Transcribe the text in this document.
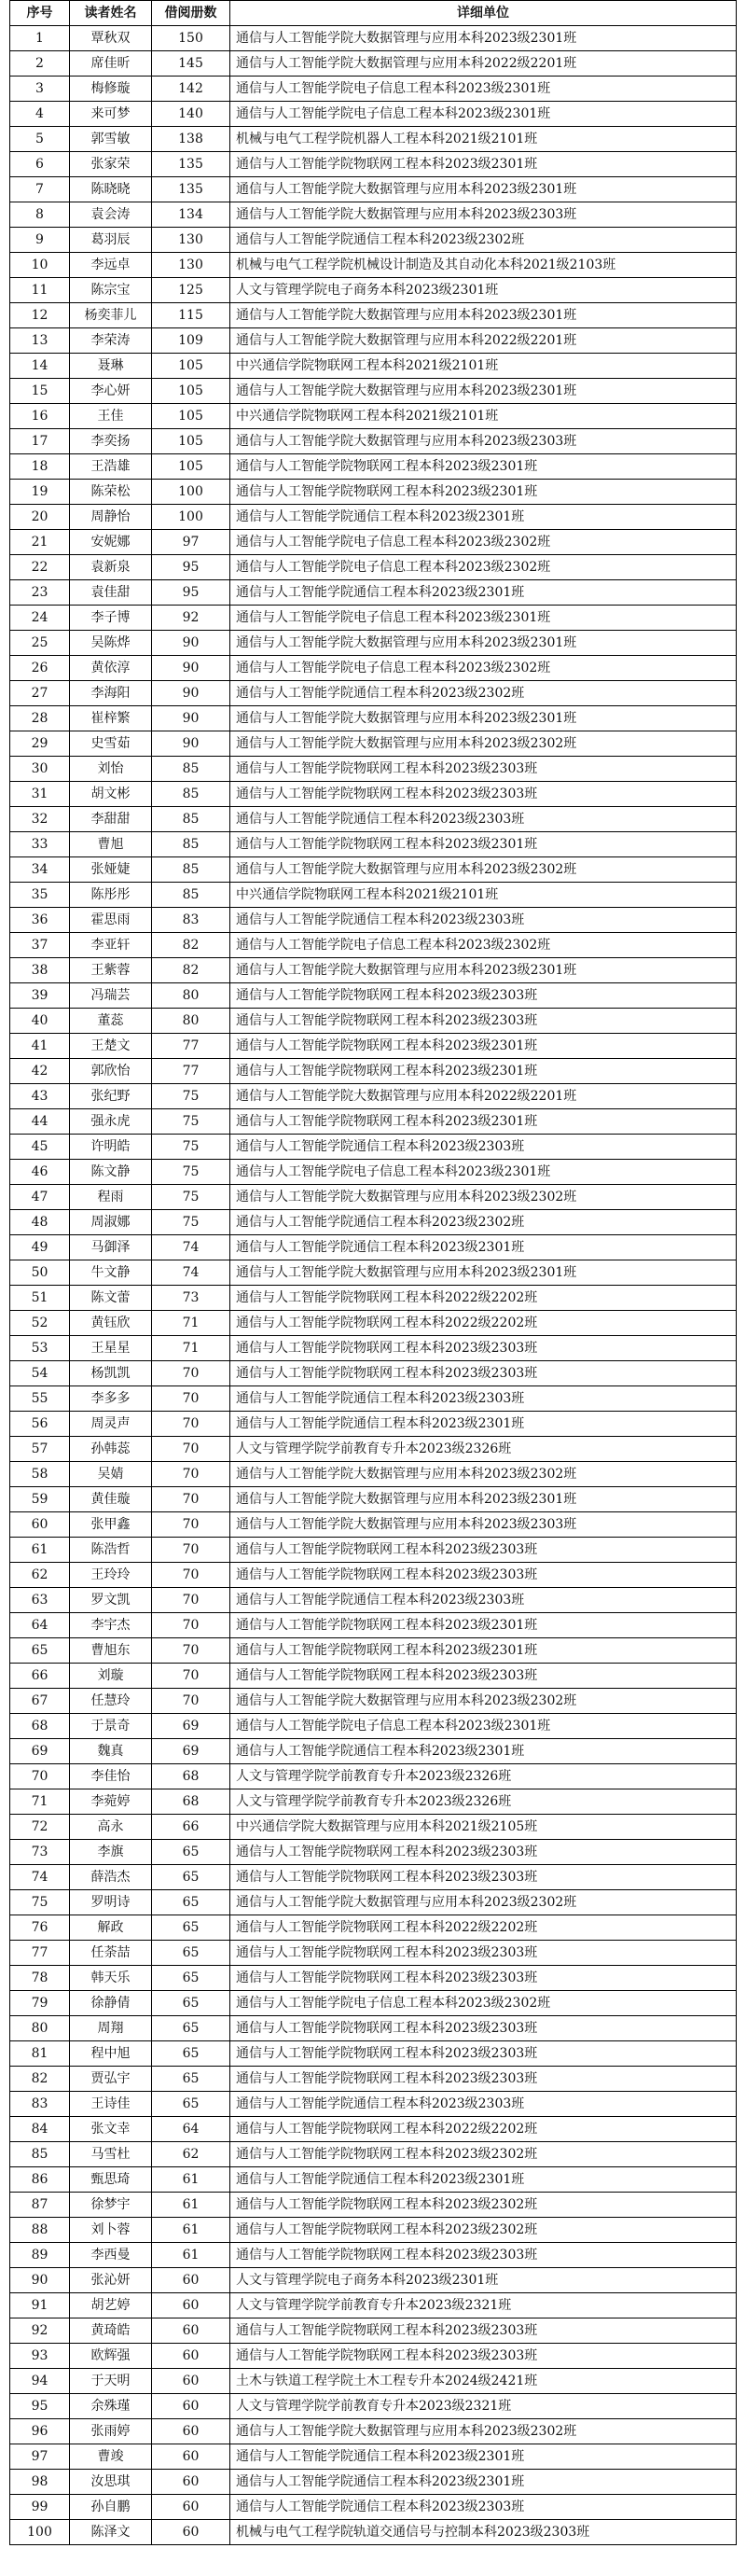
序号	读者姓名	借阅册数	详细单位
1	覃秋双	150	通信与人工智能学院大数据管理与应用本科2023级2301班
2	席佳昕	145	通信与人工智能学院大数据管理与应用本科2022级2201班
3	梅修璇	142	通信与人工智能学院电子信息工程本科2023级2301班
4	来可梦	140	通信与人工智能学院电子信息工程本科2023级2301班
5	郭雪敏	138	机械与电气工程学院机器人工程本科2021级2101班
6	张家荣	135	通信与人工智能学院物联网工程本科2023级2301班
7	陈晓晓	135	通信与人工智能学院大数据管理与应用本科2023级2301班
8	袁会涛	134	通信与人工智能学院大数据管理与应用本科2023级2303班
9	葛羽辰	130	通信与人工智能学院通信工程本科2023级2302班
10	李远卓	130	机械与电气工程学院机械设计制造及其自动化本科2021级2103班
11	陈宗宝	125	人文与管理学院电子商务本科2023级2301班
12	杨奕菲儿	115	通信与人工智能学院大数据管理与应用本科2023级2301班
13	李荣涛	109	通信与人工智能学院大数据管理与应用本科2022级2201班
14	聂琳	105	中兴通信学院物联网工程本科2021级2101班
15	李心妍	105	通信与人工智能学院大数据管理与应用本科2023级2301班
16	王佳	105	中兴通信学院物联网工程本科2021级2101班
17	李奕扬	105	通信与人工智能学院大数据管理与应用本科2023级2303班
18	王浩雄	105	通信与人工智能学院物联网工程本科2023级2301班
19	陈荣松	100	通信与人工智能学院物联网工程本科2023级2301班
20	周静怡	100	通信与人工智能学院通信工程本科2023级2301班
21	安妮娜	97	通信与人工智能学院电子信息工程本科2023级2302班
22	袁新泉	95	通信与人工智能学院电子信息工程本科2023级2302班
23	袁佳甜	95	通信与人工智能学院通信工程本科2023级2301班
24	李子博	92	通信与人工智能学院电子信息工程本科2023级2301班
25	吴陈烨	90	通信与人工智能学院大数据管理与应用本科2023级2301班
26	黄依淳	90	通信与人工智能学院电子信息工程本科2023级2302班
27	李海阳	90	通信与人工智能学院通信工程本科2023级2302班
28	崔梓繁	90	通信与人工智能学院大数据管理与应用本科2023级2301班
29	史雪茹	90	通信与人工智能学院大数据管理与应用本科2023级2302班
30	刘怡	85	通信与人工智能学院物联网工程本科2023级2303班
31	胡文彬	85	通信与人工智能学院物联网工程本科2023级2303班
32	李甜甜	85	通信与人工智能学院通信工程本科2023级2303班
33	曹旭	85	通信与人工智能学院物联网工程本科2023级2301班
34	张娅婕	85	通信与人工智能学院大数据管理与应用本科2023级2302班
35	陈彤彤	85	中兴通信学院物联网工程本科2021级2101班
36	霍思雨	83	通信与人工智能学院通信工程本科2023级2303班
37	李亚轩	82	通信与人工智能学院电子信息工程本科2023级2302班
38	王紫蓉	82	通信与人工智能学院大数据管理与应用本科2023级2301班
39	冯瑞芸	80	通信与人工智能学院物联网工程本科2023级2303班
40	董蕊	80	通信与人工智能学院物联网工程本科2023级2303班
41	王楚文	77	通信与人工智能学院物联网工程本科2023级2301班
42	郭欣怡	77	通信与人工智能学院物联网工程本科2023级2301班
43	张纪野	75	通信与人工智能学院大数据管理与应用本科2022级2201班
44	强永虎	75	通信与人工智能学院物联网工程本科2023级2301班
45	许明皓	75	通信与人工智能学院通信工程本科2023级2303班
46	陈文静	75	通信与人工智能学院电子信息工程本科2023级2301班
47	程雨	75	通信与人工智能学院大数据管理与应用本科2023级2302班
48	周淑娜	75	通信与人工智能学院通信工程本科2023级2302班
49	马御泽	74	通信与人工智能学院通信工程本科2023级2301班
50	牛文静	74	通信与人工智能学院大数据管理与应用本科2023级2301班
51	陈文蕾	73	通信与人工智能学院物联网工程本科2022级2202班
52	黄钰欣	71	通信与人工智能学院物联网工程本科2022级2202班
53	王星星	71	通信与人工智能学院物联网工程本科2023级2303班
54	杨凯凯	70	通信与人工智能学院物联网工程本科2023级2303班
55	李多多	70	通信与人工智能学院通信工程本科2023级2303班
56	周灵声	70	通信与人工智能学院通信工程本科2023级2301班
57	孙韩蕊	70	人文与管理学院学前教育专升本2023级2326班
58	吴婧	70	通信与人工智能学院大数据管理与应用本科2023级2302班
59	黄佳璇	70	通信与人工智能学院大数据管理与应用本科2023级2301班
60	张甲鑫	70	通信与人工智能学院大数据管理与应用本科2023级2303班
61	陈浩哲	70	通信与人工智能学院物联网工程本科2023级2303班
62	王玲玲	70	通信与人工智能学院物联网工程本科2023级2303班
63	罗文凯	70	通信与人工智能学院通信工程本科2023级2303班
64	李宇杰	70	通信与人工智能学院物联网工程本科2023级2301班
65	曹旭东	70	通信与人工智能学院物联网工程本科2023级2301班
66	刘璇	70	通信与人工智能学院物联网工程本科2023级2303班
67	任慧玲	70	通信与人工智能学院大数据管理与应用本科2023级2302班
68	于景奇	69	通信与人工智能学院电子信息工程本科2023级2301班
69	魏真	69	通信与人工智能学院通信工程本科2023级2301班
70	李佳怡	68	人文与管理学院学前教育专升本2023级2326班
71	李菀婷	68	人文与管理学院学前教育专升本2023级2326班
72	高永	66	中兴通信学院大数据管理与应用本科2021级2105班
73	李旗	65	通信与人工智能学院物联网工程本科2023级2303班
74	薛浩杰	65	通信与人工智能学院物联网工程本科2023级2303班
75	罗明诗	65	通信与人工智能学院大数据管理与应用本科2023级2302班
76	解政	65	通信与人工智能学院物联网工程本科2022级2202班
77	任荼喆	65	通信与人工智能学院物联网工程本科2023级2303班
78	韩天乐	65	通信与人工智能学院物联网工程本科2023级2303班
79	徐静倩	65	通信与人工智能学院电子信息工程本科2023级2302班
80	周翔	65	通信与人工智能学院物联网工程本科2023级2303班
81	程中旭	65	通信与人工智能学院物联网工程本科2023级2303班
82	贾弘宇	65	通信与人工智能学院物联网工程本科2023级2303班
83	王诗佳	65	通信与人工智能学院通信工程本科2023级2303班
84	张文幸	64	通信与人工智能学院物联网工程本科2022级2202班
85	马雪杜	62	通信与人工智能学院物联网工程本科2023级2302班
86	甄思琦	61	通信与人工智能学院通信工程本科2023级2301班
87	徐梦宇	61	通信与人工智能学院物联网工程本科2023级2302班
88	刘卜蓉	61	通信与人工智能学院物联网工程本科2023级2302班
89	李西曼	61	通信与人工智能学院物联网工程本科2023级2303班
90	张沁妍	60	人文与管理学院电子商务本科2023级2301班
91	胡艺婷	60	人文与管理学院学前教育专升本2023级2321班
92	黄琦皓	60	通信与人工智能学院物联网工程本科2023级2303班
93	欧辉强	60	通信与人工智能学院物联网工程本科2023级2303班
94	于天明	60	土木与铁道工程学院土木工程专升本2024级2421班
95	余殊瑾	60	人文与管理学院学前教育专升本2023级2321班
96	张雨婷	60	通信与人工智能学院大数据管理与应用本科2023级2302班
97	曹竣	60	通信与人工智能学院通信工程本科2023级2301班
98	汝思琪	60	通信与人工智能学院通信工程本科2023级2301班
99	孙自鹏	60	通信与人工智能学院通信工程本科2023级2303班
100	陈泽文	60	机械与电气工程学院轨道交通信号与控制本科2023级2303班
